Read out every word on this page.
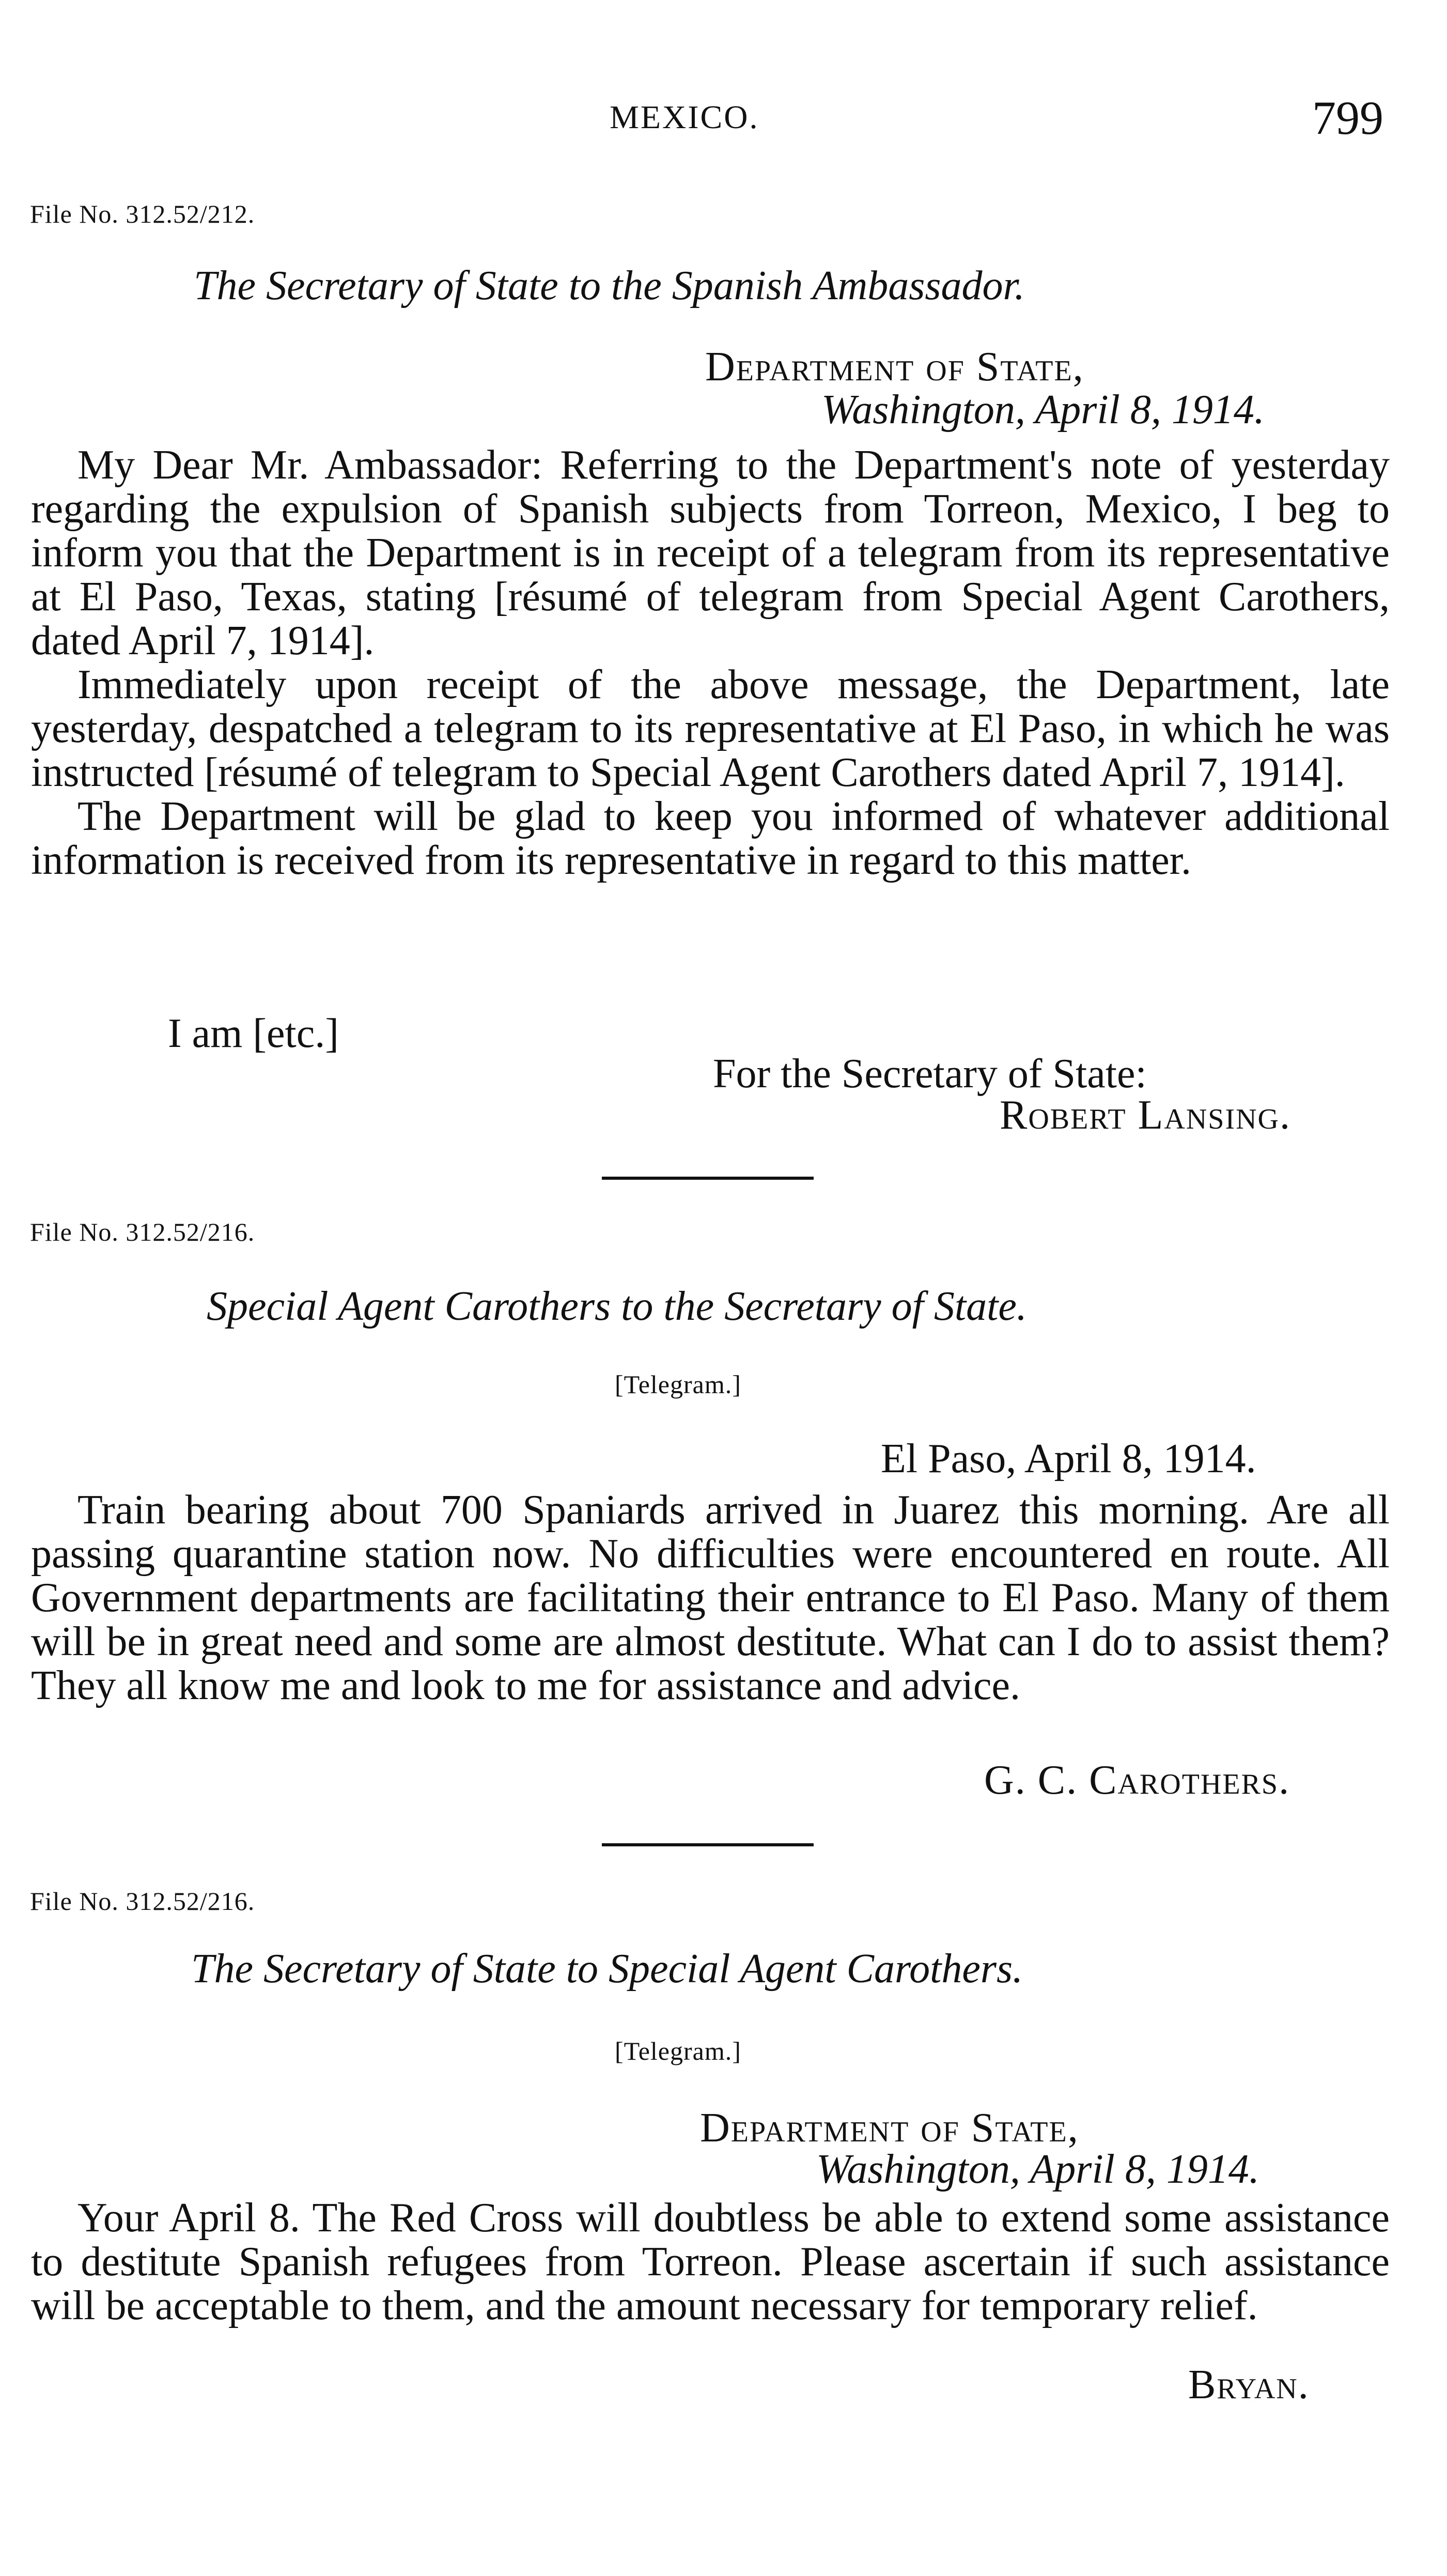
MEXICO.	799
File No. 312.52/212.
The Secretary of State to the Spanish Ambassador.
Department of State,
Washington, April 8, 1914.

My Dear Mr. Ambassador: Referring to the Department's note of yesterday regarding the expulsion of Spanish subjects from Torreon, Mexico, I beg to inform you that the Department is in receipt of a telegram from its representative at El Paso, Texas, stating [résumé of telegram from Special Agent Carothers, dated April 7, 1914].

Immediately upon receipt of the above message, the Department, late yesterday, despatched a telegram to its representative at El Paso, in which he was instructed [résumé of telegram to Special Agent Carothers dated April 7, 1914].

The Department will be glad to keep you informed of whatever additional information is received from its representative in regard to this matter.

I am [etc.]
For the Secretary of State:
Robert Lansing.
File No. 312.52/216.
Special Agent Carothers to the Secretary of State.
[Telegram.]
El Paso, April 8, 1914.

Train bearing about 700 Spaniards arrived in Juarez this morning. Are all passing quarantine station now. No difficulties were encountered en route. All Government departments are facilitating their entrance to El Paso. Many of them will be in great need and some are almost destitute. What can I do to assist them? They all know me and look to me for assistance and advice.

G. C. Carothers.
File No. 312.52/216.
The Secretary of State to Special Agent Carothers.
[Telegram.]
Department of State,
Washington, April 8, 1914.

Your April 8. The Red Cross will doubtless be able to extend some assistance to destitute Spanish refugees from Torreon. Please ascertain if such assistance will be acceptable to them, and the amount necessary for temporary relief.

Bryan.
